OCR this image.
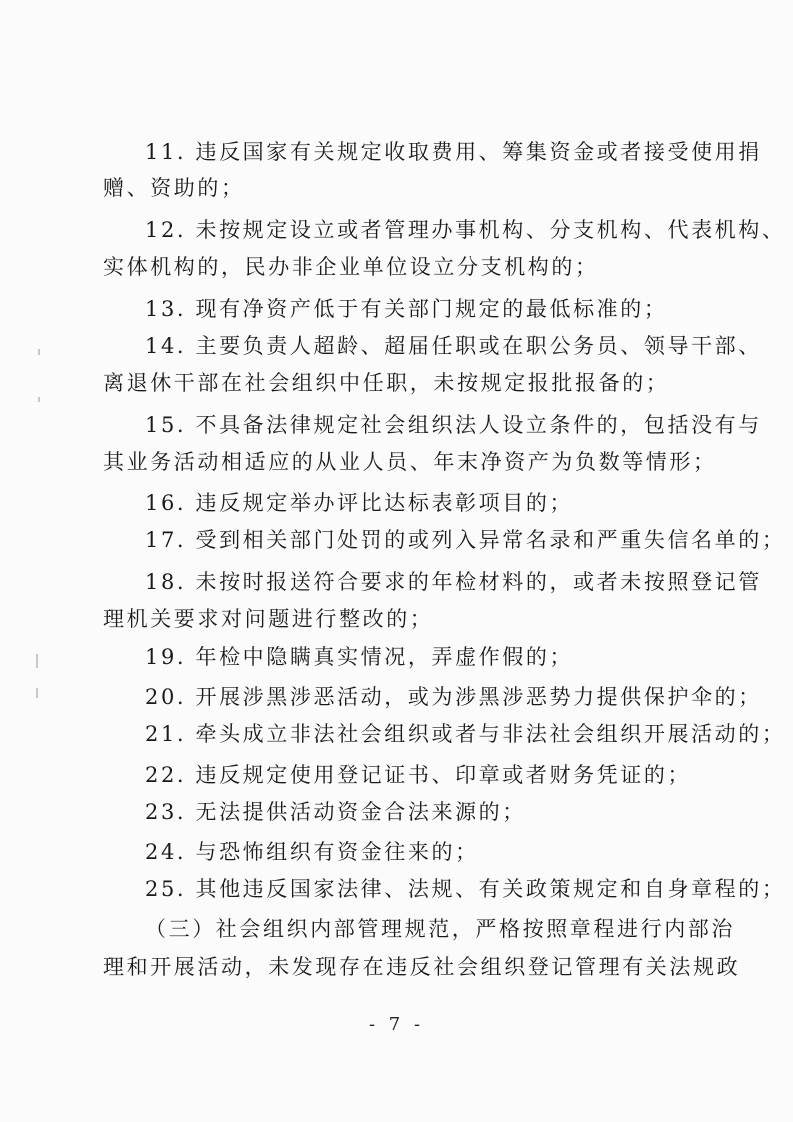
11. 违反国家有关规定收取费用、筹集资金或者接受使用捐
赠、资助的；
12. 未按规定设立或者管理办事机构、分支机构、代表机构、
实体机构的，民办非企业单位设立分支机构的；
13. 现有净资产低于有关部门规定的最低标准的；
14. 主要负责人超龄、超届任职或在职公务员、领导干部、
离退休干部在社会组织中任职，未按规定报批报备的；
15. 不具备法律规定社会组织法人设立条件的，包括没有与
其业务活动相适应的从业人员、年末净资产为负数等情形；
16. 违反规定举办评比达标表彰项目的；
17. 受到相关部门处罚的或列入异常名录和严重失信名单的；
18. 未按时报送符合要求的年检材料的，或者未按照登记管
理机关要求对问题进行整改的；
19. 年检中隐瞒真实情况，弄虚作假的；
20. 开展涉黑涉恶活动，或为涉黑涉恶势力提供保护伞的；
21. 牵头成立非法社会组织或者与非法社会组织开展活动的；
22. 违反规定使用登记证书、印章或者财务凭证的；
23. 无法提供活动资金合法来源的；
24. 与恐怖组织有资金往来的；
25. 其他违反国家法律、法规、有关政策规定和自身章程的；
（三）社会组织内部管理规范，严格按照章程进行内部治
理和开展活动，未发现存在违反社会组织登记管理有关法规政
- 7 -
